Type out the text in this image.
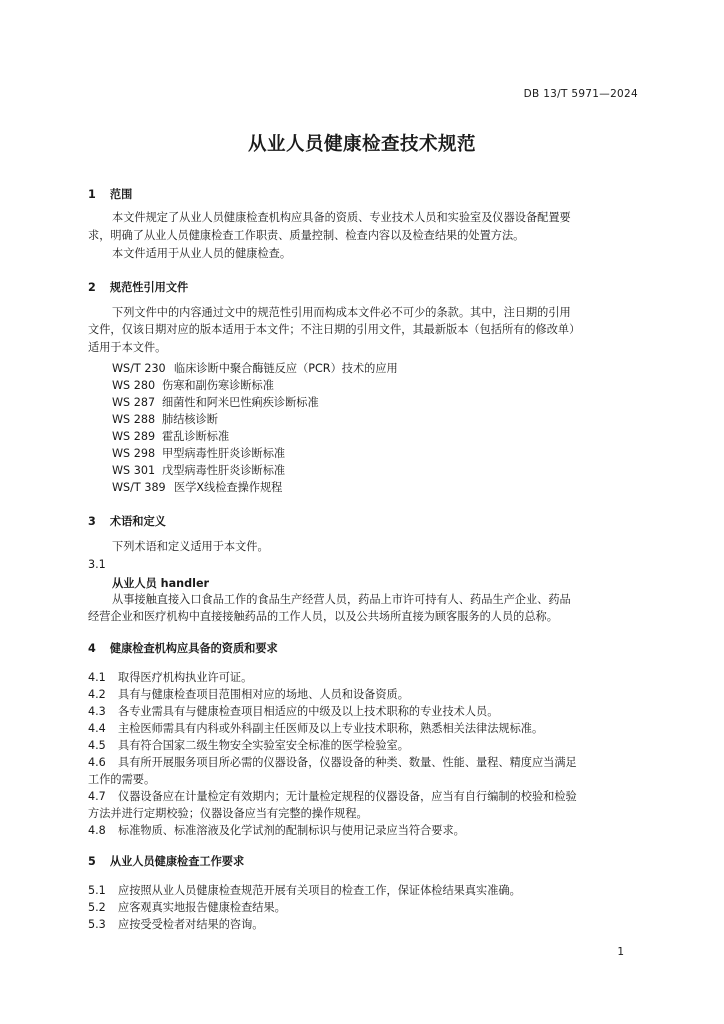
DB 13/T 5971—2024
从业人员健康检查技术规范
1 范围
本文件规定了从业人员健康检查机构应具备的资质、专业技术人员和实验室及仪器设备配置要
求，明确了从业人员健康检查工作职责、质量控制、检查内容以及检查结果的处置方法。
本文件适用于从业人员的健康检查。
2 规范性引用文件
下列文件中的内容通过文中的规范性引用而构成本文件必不可少的条款。其中，注日期的引用
文件，仅该日期对应的版本适用于本文件；不注日期的引用文件，其最新版本（包括所有的修改单）
适用于本文件。
WS/T 230 临床诊断中聚合酶链反应（PCR）技术的应用
WS 280 伤寒和副伤寒诊断标准
WS 287 细菌性和阿米巴性痢疾诊断标准
WS 288 肺结核诊断
WS 289 霍乱诊断标准
WS 298 甲型病毒性肝炎诊断标准
WS 301 戊型病毒性肝炎诊断标准
WS/T 389 医学X线检查操作规程
3 术语和定义
下列术语和定义适用于本文件。
3.1
从业人员 handler
从事接触直接入口食品工作的食品生产经营人员，药品上市许可持有人、药品生产企业、药品
经营企业和医疗机构中直接接触药品的工作人员，以及公共场所直接为顾客服务的人员的总称。
4 健康检查机构应具备的资质和要求
4.1 取得医疗机构执业许可证。
4.2 具有与健康检查项目范围相对应的场地、人员和设备资质。
4.3 各专业需具有与健康检查项目相适应的中级及以上技术职称的专业技术人员。
4.4 主检医师需具有内科或外科副主任医师及以上专业技术职称，熟悉相关法律法规标准。
4.5 具有符合国家二级生物安全实验室安全标准的医学检验室。
4.6 具有所开展服务项目所必需的仪器设备，仪器设备的种类、数量、性能、量程、精度应当满足
工作的需要。
4.7 仪器设备应在计量检定有效期内；无计量检定规程的仪器设备，应当有自行编制的校验和检验
方法并进行定期校验；仪器设备应当有完整的操作规程。
4.8 标准物质、标准溶液及化学试剂的配制标识与使用记录应当符合要求。
5 从业人员健康检查工作要求
5.1 应按照从业人员健康检查规范开展有关项目的检查工作，保证体检结果真实准确。
5.2 应客观真实地报告健康检查结果。
5.3 应按受受检者对结果的咨询。
1
